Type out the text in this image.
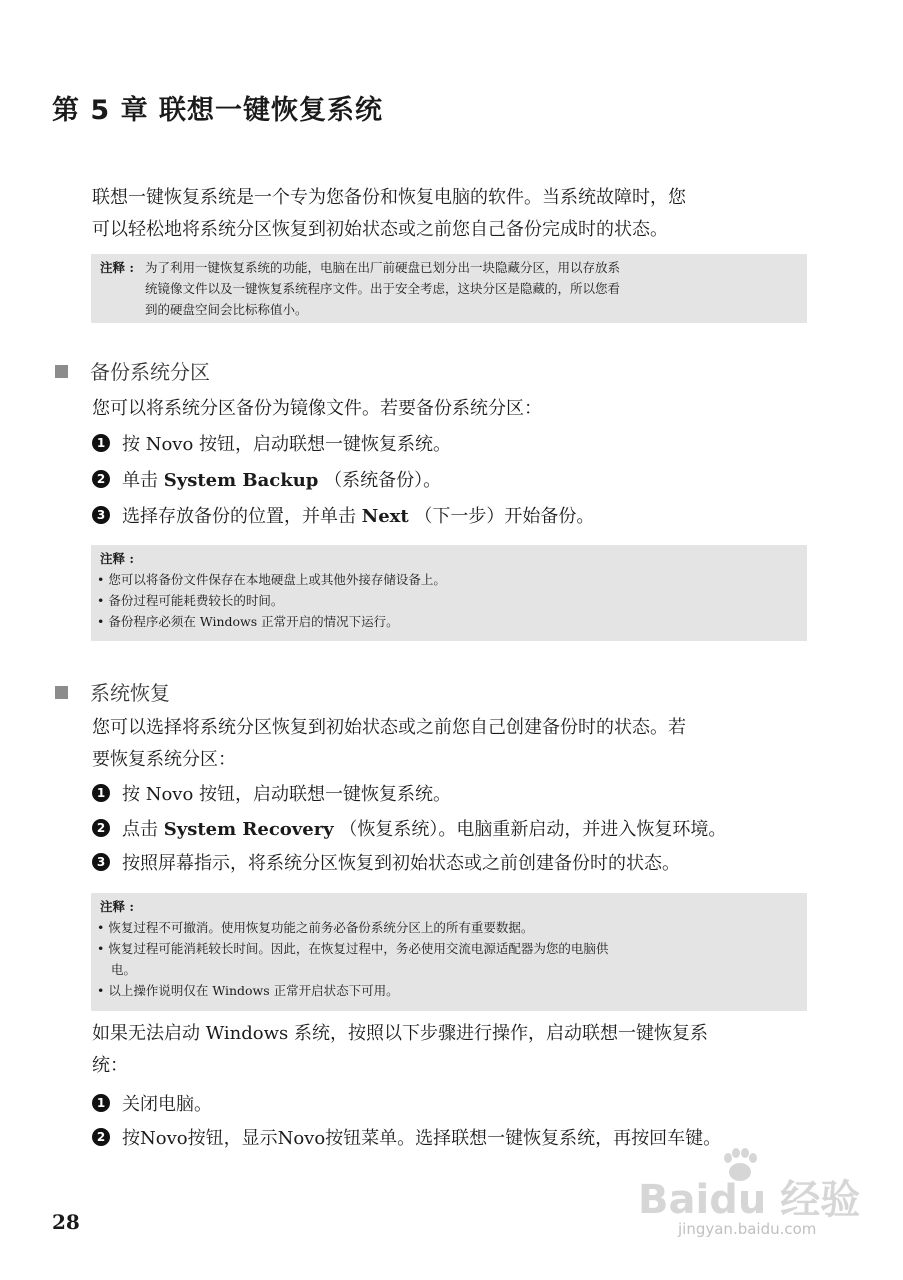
第 5 章 联想一键恢复系统
联想一键恢复系统是一个专为您备份和恢复电脑的软件。当系统故障时，您
可以轻松地将系统分区恢复到初始状态或之前您自己备份完成时的状态。
注释 : 为了利用一键恢复系统的功能，电脑在出厂前硬盘已划分出一块隐藏分区，用以存放系
统镜像文件以及一键恢复系统程序文件。出于安全考虑，这块分区是隐藏的，所以您看
到的硬盘空间会比标称值小。
备份系统分区
您可以将系统分区备份为镜像文件。若要备份系统分区：
1 按 Novo 按钮，启动联想一键恢复系统。
2 单击 System Backup （系统备份）。
3 选择存放备份的位置，并单击 Next （下一步）开始备份。
注释 :
• 您可以将备份文件保存在本地硬盘上或其他外接存储设备上。
• 备份过程可能耗费较长的时间。
• 备份程序必须在 Windows 正常开启的情况下运行。
系统恢复
您可以选择将系统分区恢复到初始状态或之前您自己创建备份时的状态。若
要恢复系统分区：
1 按 Novo 按钮，启动联想一键恢复系统。
2 点击 System Recovery （恢复系统）。电脑重新启动，并进入恢复环境。
3 按照屏幕指示，将系统分区恢复到初始状态或之前创建备份时的状态。
注释 :
• 恢复过程不可撤消。使用恢复功能之前务必备份系统分区上的所有重要数据。
• 恢复过程可能消耗较长时间。因此，在恢复过程中，务必使用交流电源适配器为您的电脑供
电。
• 以上操作说明仅在 Windows 正常开启状态下可用。
如果无法启动 Windows 系统，按照以下步骤进行操作，启动联想一键恢复系
统：
1 关闭电脑。
2 按Novo按钮，显示Novo按钮菜单。选择联想一键恢复系统，再按回车键。
28	Baidu 经验
jingyan.baidu.com
